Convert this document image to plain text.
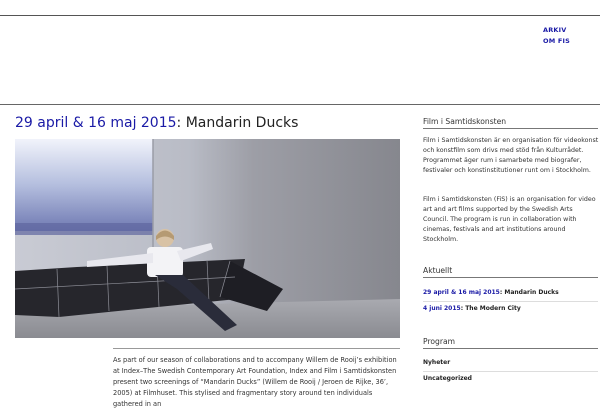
ARKIV
OM FIS
29 april & 16 maj 2015: Mandarin Ducks

As part of our season of collaborations and to accompany Willem de Rooij’s exhibition at Index–The Swedish Contemporary Art Foundation, Index and Film i Samtidskonsten present two screenings of “Mandarin Ducks” (Willem de Rooij / Jeroen de Rijke, 36’, 2005) at Filmhuset. This stylised and fragmentary story around ten individuals gathered in an

Film i Samtidskonsten

Film i Samtidskonsten är en organisation för videokonst och konstfilm som drivs med stöd från Kulturrådet. Programmet äger rum i samarbete med biografer, festivaler och konstinstitutioner runt om i Stockholm.

Film i Samtidskonsten (FiS) is an organisation for video art and art films supported by the Swedish Arts Council. The program is run in collaboration with cinemas, festivals and art institutions around Stockholm.

Aktuellt
29 april & 16 maj 2015: Mandarin Ducks
4 juni 2015: The Modern City
Program
Nyheter
Uncategorized
